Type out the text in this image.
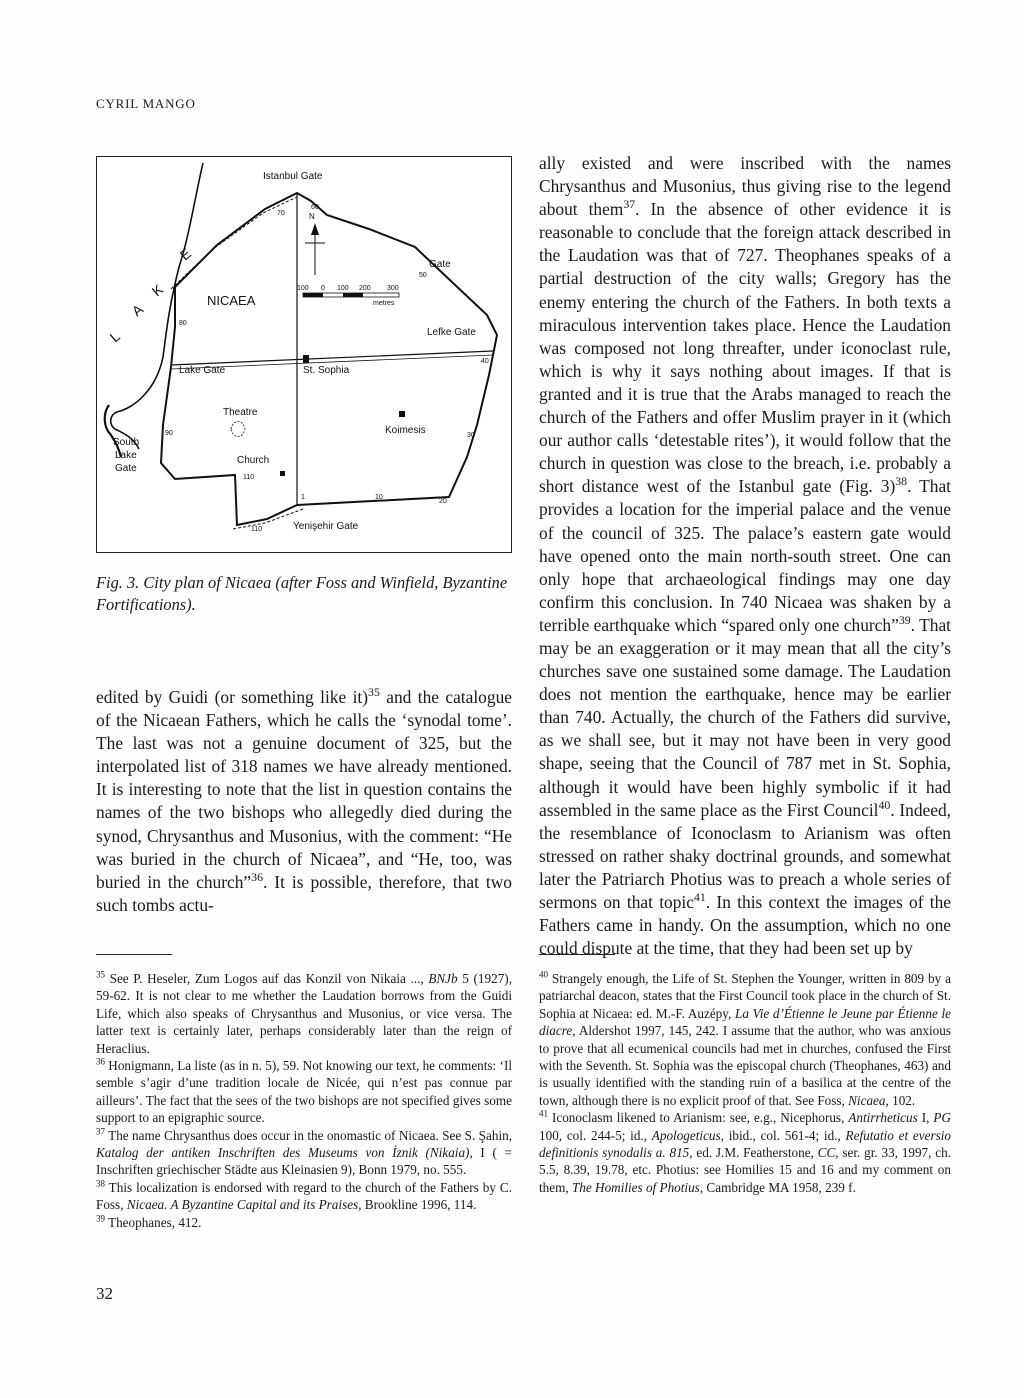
CYRIL MANGO
N
100 0 100 200 300
metres
Istanbul Gate
NICAEA
Lake Gate
South
Lake
Gate
Theatre
Church
St. Sophia
Koimesis
Lefke Gate
Gate
Yenişehir Gate
E
K
A
L
70
60
50
80
40
30
20
10
1
90
110
110
Fig. 3. City plan of Nicaea (after Foss and Winfield, Byzantine Fortifications).

edited by Guidi (or something like it)$^{35}$ and the catalogue of the Nicaean Fathers, which he calls the ‘synodal tome’. The last was not a genuine document of 325, but the interpolated list of 318 names we have already mentioned. It is interesting to note that the list in question contains the names of the two bishops who allegedly died during the synod, Chrysanthus and Musonius, with the comment: “He was buried in the church of Nicaea”, and “He, too, was buried in the church”$^{36}$. It is possible, therefore, that two such tombs actu-

ally existed and were inscribed with the names Chrysanthus and Musonius, thus giving rise to the legend about them$^{37}$. In the absence of other evidence it is reasonable to conclude that the foreign attack described in the Laudation was that of 727. Theophanes speaks of a partial destruction of the city walls; Gregory has the enemy entering the church of the Fathers. In both texts a miraculous intervention takes place. Hence the Laudation was composed not long threafter, under iconoclast rule, which is why it says nothing about images. If that is granted and it is true that the Arabs managed to reach the church of the Fathers and offer Muslim prayer in it (which our author calls ‘detestable rites’), it would follow that the church in question was close to the breach, i.e. probably a short distance west of the Istanbul gate (Fig. 3)$^{38}$. That provides a location for the imperial palace and the venue of the council of 325. The palace’s eastern gate would have opened onto the main north-south street. One can only hope that archaeological findings may one day confirm this conclusion. In 740 Nicaea was shaken by a terrible earthquake which “spared only one church”$^{39}$. That may be an exaggeration or it may mean that all the city’s churches save one sustained some damage. The Laudation does not mention the earthquake, hence may be earlier than 740. Actually, the church of the Fathers did survive, as we shall see, but it may not have been in very good shape, seeing that the Council of 787 met in St. Sophia, although it would have been highly symbolic if it had assembled in the same place as the First Council$^{40}$. Indeed, the resemblance of Iconoclasm to Arianism was often stressed on rather shaky doctrinal grounds, and somewhat later the Patriarch Photius was to preach a whole series of sermons on that topic$^{41}$. In this context the images of the Fathers came in handy. On the assumption, which no one could dispute at the time, that they had been set up by

$^{35}$ See P. Heseler, Zum Logos auf das Konzil von Nikaia ..., BNJb 5 (1927), 59-62. It is not clear to me whether the Laudation borrows from the Guidi Life, which also speaks of Chrysanthus and Musonius, or vice versa. The latter text is certainly later, perhaps considerably later than the reign of Heraclius.

$^{36}$ Honigmann, La liste (as in n. 5), 59. Not knowing our text, he comments: ‘Il semble s’agir d’une tradition locale de Nicée, qui n’est pas connue par ailleurs’. The fact that the sees of the two bishops are not specified gives some support to an epigraphic source.

$^{37}$ The name Chrysanthus does occur in the onomastic of Nicaea. See S. Şahin, Katalog der antiken Inschriften des Museums von İznik (Nikaia), I ( = Inschriften griechischer Städte aus Kleinasien 9), Bonn 1979, no. 555.

$^{38}$ This localization is endorsed with regard to the church of the Fathers by C. Foss, Nicaea. A Byzantine Capital and its Praises, Brookline 1996, 114.

$^{39}$ Theophanes, 412.

$^{40}$ Strangely enough, the Life of St. Stephen the Younger, written in 809 by a patriarchal deacon, states that the First Council took place in the church of St. Sophia at Nicaea: ed. M.-F. Auzépy, La Vie d’Étienne le Jeune par Étienne le diacre, Aldershot 1997, 145, 242. I assume that the author, who was anxious to prove that all ecumenical councils had met in churches, confused the First with the Seventh. St. Sophia was the episcopal church (Theophanes, 463) and is usually identified with the standing ruin of a basilica at the centre of the town, although there is no explicit proof of that. See Foss, Nicaea, 102.

$^{41}$ Iconoclasm likened to Arianism: see, e.g., Nicephorus, Antirrheticus I, PG 100, col. 244-5; id., Apologeticus, ibid., col. 561-4; id., Refutatio et eversio definitionis synodalis a. 815, ed. J.M. Featherstone, CC, ser. gr. 33, 1997, ch. 5.5, 8.39, 19.78, etc. Photius: see Homilies 15 and 16 and my comment on them, The Homilies of Photius, Cambridge MA 1958, 239 f.

32
